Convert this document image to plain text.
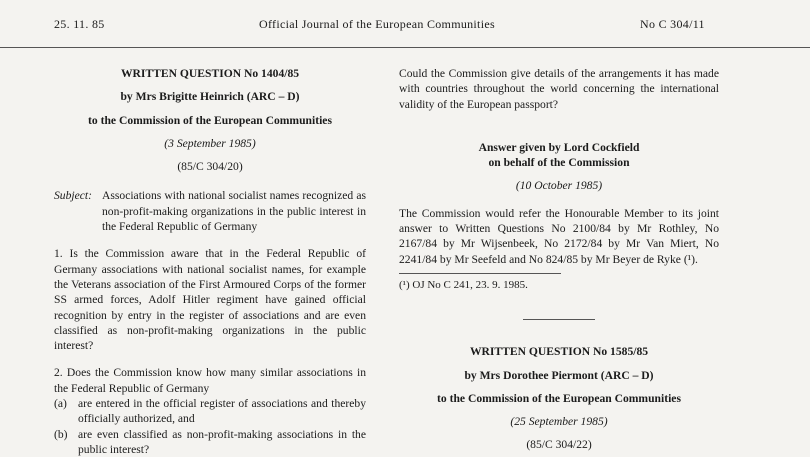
25. 11. 85	Official Journal of the European Communities	No C 304/11
WRITTEN QUESTION No 1404/85
by Mrs Brigitte Heinrich (ARC – D)
to the Commission of the European Communities
(3 September 1985)
(85/C 304/20)
Subject: Associations with national socialist names recognized as non-profit-making organizations in the public interest in the Federal Republic of Germany
1. Is the Commission aware that in the Federal Republic of Germany associations with national socialist names, for example the Veterans association of the First Armoured Corps of the former SS armed forces, Adolf Hitler regiment have gained official recognition by entry in the register of associations and are even classified as non-profit-making organizations in the public interest?
2. Does the Commission know how many similar associations in the Federal Republic of Germany
(a) are entered in the official register of associations and thereby officially authorized, and
(b) are even classified as non-profit-making associations in the public interest?
Could the Commission give details of the arrangements it has made with countries throughout the world concerning the international validity of the European passport?
Answer given by Lord Cockfield
on behalf of the Commission
(10 October 1985)
The Commission would refer the Honourable Member to its joint answer to Written Questions No 2100/84 by Mr Rothley, No 2167/84 by Mr Wijsenbeek, No 2172/84 by Mr Van Miert, No 2241/84 by Mr Seefeld and No 824/85 by Mr Beyer de Ryke (¹).
(¹) OJ No C 241, 23. 9. 1985.
WRITTEN QUESTION No 1585/85
by Mrs Dorothee Piermont (ARC – D)
to the Commission of the European Communities
(25 September 1985)
(85/C 304/22)
